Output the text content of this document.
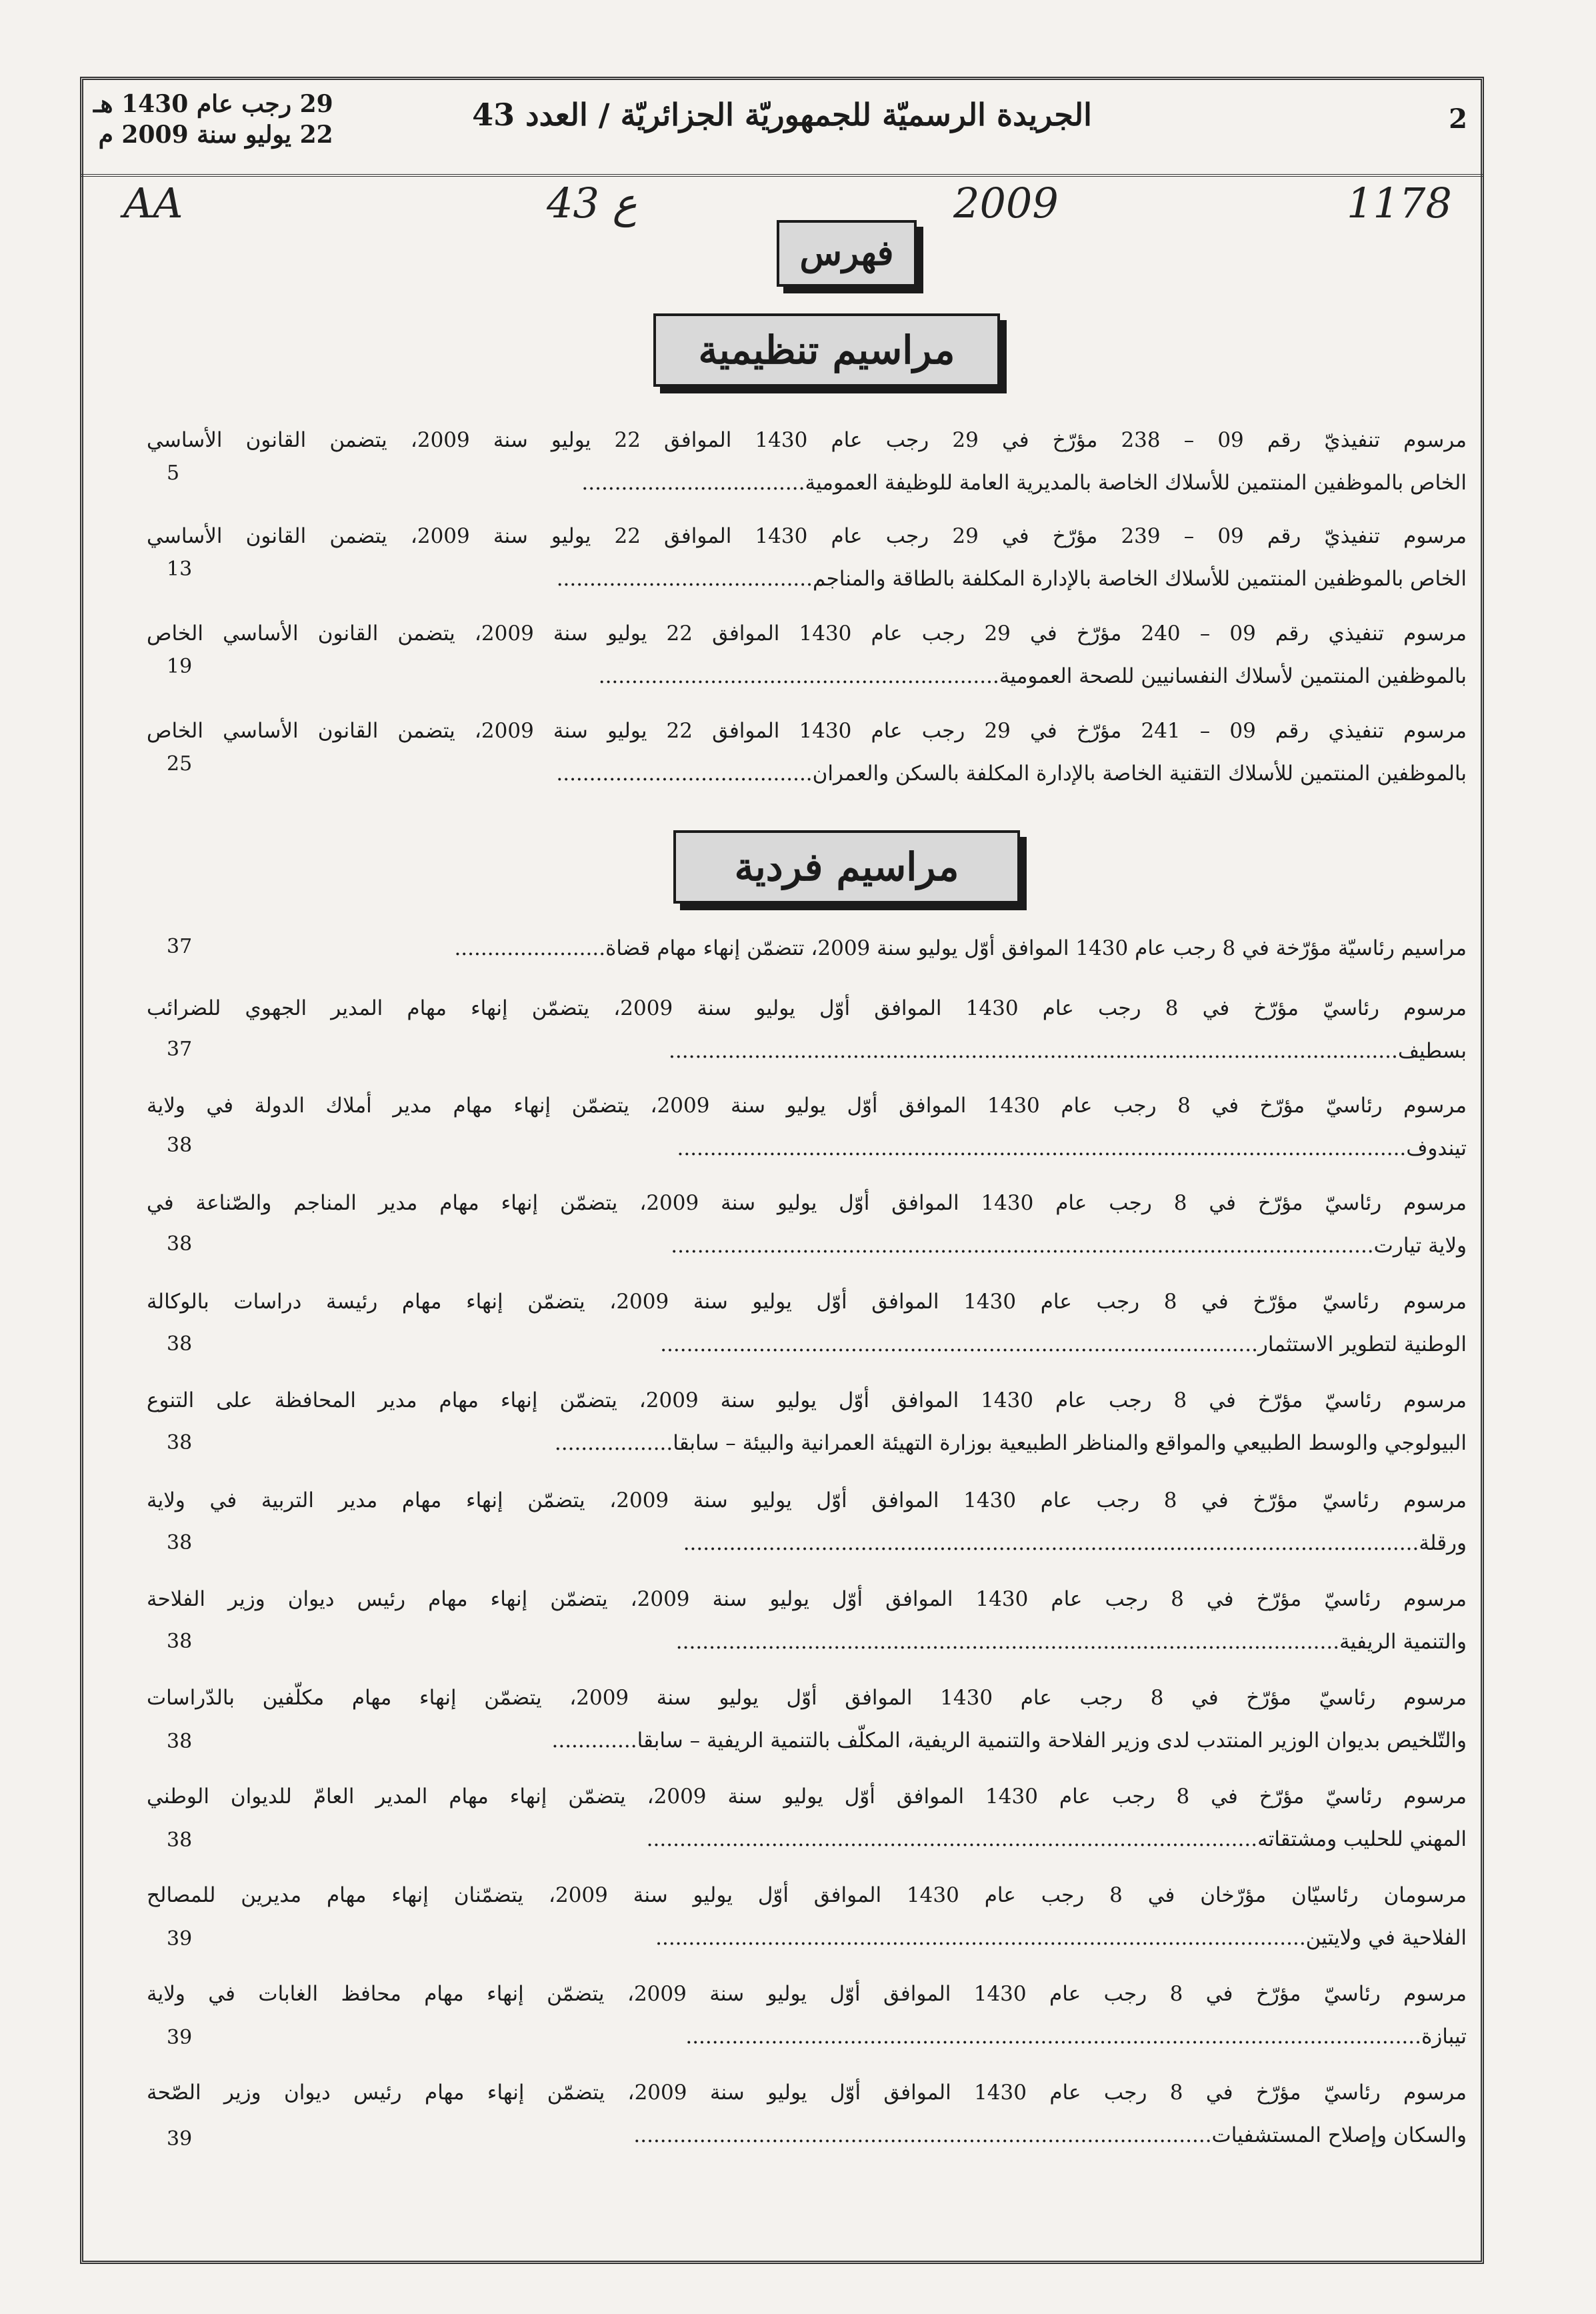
29 رجب عام 1430 هـ
22 يوليو سنة 2009 م
الجريدة الرسميّة للجمهوريّة الجزائريّة / العدد 43	2
AA	43 ع	2009	1178
فهرس
مراسيم تنظيمية
مرسوم تنفيذيّ رقم 09 – 238 مؤرّخ في 29 رجب عام 1430 الموافق 22 يوليو سنة 2009، يتضمن القانون الأساسي
الخاص بالموظفين المنتمين للأسلاك الخاصة بالمديرية العامة للوظيفة العمومية..................................
5
مرسوم تنفيذيّ رقم 09 – 239 مؤرّخ في 29 رجب عام 1430 الموافق 22 يوليو سنة 2009، يتضمن القانون الأساسي
الخاص بالموظفين المنتمين للأسلاك الخاصة بالإدارة المكلفة بالطاقة والمناجم.......................................
13
مرسوم تنفيذي رقم 09 – 240 مؤرّخ في 29 رجب عام 1430 الموافق 22 يوليو سنة 2009، يتضمن القانون الأساسي الخاص
بالموظفين المنتمين لأسلاك النفسانيين للصحة العمومية.............................................................
19
مرسوم تنفيذي رقم 09 – 241 مؤرّخ في 29 رجب عام 1430 الموافق 22 يوليو سنة 2009، يتضمن القانون الأساسي الخاص
بالموظفين المنتمين للأسلاك التقنية الخاصة بالإدارة المكلفة بالسكن والعمران.......................................
25
مراسيم فردية
مراسيم رئاسيّة مؤرّخة في 8 رجب عام 1430 الموافق أوّل يوليو سنة 2009، تتضمّن إنهاء مهام قضاة.......................
37
مرسوم رئاسيّ مؤرّخ في 8 رجب عام 1430 الموافق أوّل يوليو سنة 2009، يتضمّن إنهاء مهام المدير الجهوي للضرائب
بسطيف...............................................................................................................
37
مرسوم رئاسيّ مؤرّخ في 8 رجب عام 1430 الموافق أوّل يوليو سنة 2009، يتضمّن إنهاء مهام مدير أملاك الدولة في ولاية
تيندوف...............................................................................................................
38
مرسوم رئاسيّ مؤرّخ في 8 رجب عام 1430 الموافق أوّل يوليو سنة 2009، يتضمّن إنهاء مهام مدير المناجم والصّناعة في
ولاية تيارت...........................................................................................................
38
مرسوم رئاسيّ مؤرّخ في 8 رجب عام 1430 الموافق أوّل يوليو سنة 2009، يتضمّن إنهاء مهام رئيسة دراسات بالوكالة
الوطنية لتطوير الاستثمار...........................................................................................
38
مرسوم رئاسيّ مؤرّخ في 8 رجب عام 1430 الموافق أوّل يوليو سنة 2009، يتضمّن إنهاء مهام مدير المحافظة على التنوع
البيولوجي والوسط الطبيعي والمواقع والمناظر الطبيعية بوزارة التهيئة العمرانية والبيئة – سابقا..................
38
مرسوم رئاسيّ مؤرّخ في 8 رجب عام 1430 الموافق أوّل يوليو سنة 2009، يتضمّن إنهاء مهام مدير التربية في ولاية
ورقلة................................................................................................................
38
مرسوم رئاسيّ مؤرّخ في 8 رجب عام 1430 الموافق أوّل يوليو سنة 2009، يتضمّن إنهاء مهام رئيس ديوان وزير الفلاحة
والتنمية الريفية.....................................................................................................
38
مرسوم رئاسيّ مؤرّخ في 8 رجب عام 1430 الموافق أوّل يوليو سنة 2009، يتضمّن إنهاء مهام مكلّفين بالدّراسات
والتّلخيص بديوان الوزير المنتدب لدى وزير الفلاحة والتنمية الريفية، المكلّف بالتنمية الريفية – سابقا.............
38
مرسوم رئاسيّ مؤرّخ في 8 رجب عام 1430 الموافق أوّل يوليو سنة 2009، يتضمّن إنهاء مهام المدير العامّ للديوان الوطني
المهني للحليب ومشتقاته.............................................................................................
38
مرسومان رئاسيّان مؤرّخان في 8 رجب عام 1430 الموافق أوّل يوليو سنة 2009، يتضمّنان إنهاء مهام مديرين للمصالح
الفلاحية في ولايتين...................................................................................................
39
مرسوم رئاسيّ مؤرّخ في 8 رجب عام 1430 الموافق أوّل يوليو سنة 2009، يتضمّن إنهاء مهام محافظ الغابات في ولاية
تيبازة................................................................................................................
39
مرسوم رئاسيّ مؤرّخ في 8 رجب عام 1430 الموافق أوّل يوليو سنة 2009، يتضمّن إنهاء مهام رئيس ديوان وزير الصّحة
والسكان وإصلاح المستشفيات........................................................................................
39
